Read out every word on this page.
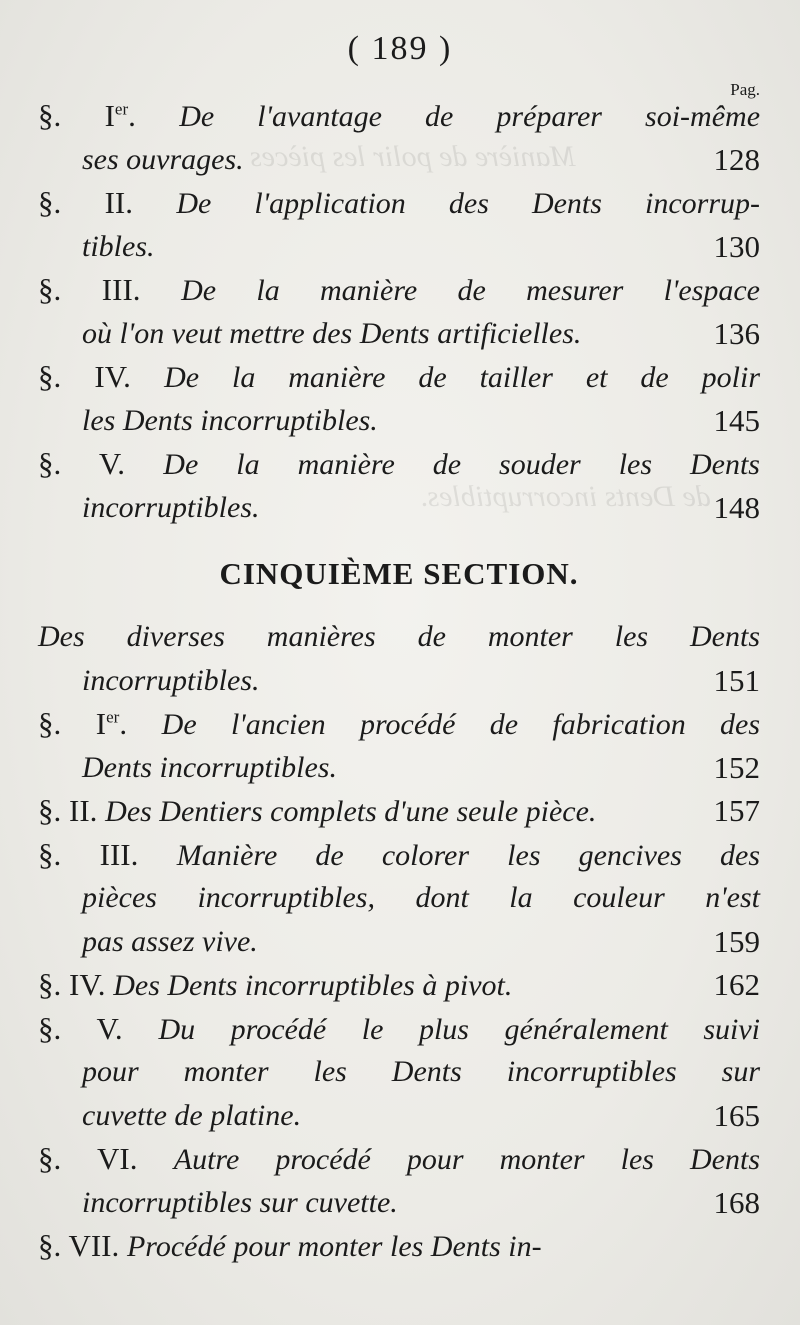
Manière de polir les pièces
de Dents incorruptibles.
( 189 )
Pag.
§. Ier. De l'avantage de préparer soi-même
ses ouvrages.	128
§. II. De l'application des Dents incorrup-
tibles.	130
§. III. De la manière de mesurer l'espace
où l'on veut mettre des Dents artificielles.	136
§. IV. De la manière de tailler et de polir
les Dents incorruptibles.	145
§. V. De la manière de souder les Dents
incorruptibles.	148
CINQUIÈME SECTION.
Des diverses manières de monter les Dents
incorruptibles.	151
§. Ier. De l'ancien procédé de fabrication des
Dents incorruptibles.	152
§. II. Des Dentiers complets d'une seule pièce.	157
§. III. Manière de colorer les gencives des
pièces incorruptibles, dont la couleur n'est
pas assez vive.	159
§. IV. Des Dents incorruptibles à pivot.	162
§. V. Du procédé le plus généralement suivi
pour monter les Dents incorruptibles sur
cuvette de platine.	165
§. VI. Autre procédé pour monter les Dents
incorruptibles sur cuvette.	168
§. VII. Procédé pour monter les Dents in-
